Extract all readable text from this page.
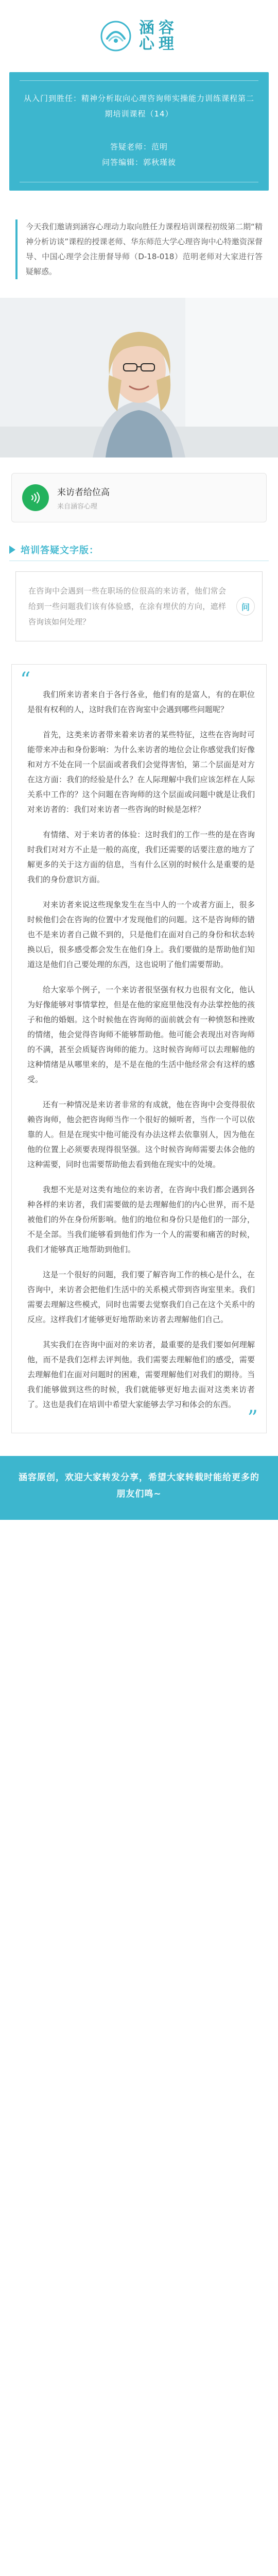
涵容
心理

从入门到胜任：精神分析取向心理咨询师实操能力训练课程第二期培训课程（14）

答疑老师：范明
问答编辑：郭秋瑾彼

今天我们邀请到涵容心理动力取向胜任力课程培训课程初级第二期“精神分析访谈”课程的授课老师、华东师范大学心理咨询中心特邀资深督导、中国心理学会注册督导师（D-18-018）范明老师对大家进行答疑解惑。

来访者给位高
来自涵容心理
培训答疑文字版：

在咨询中会遇到一些在职场的位很高的来访者，他们常会给到一些问题我们该有体验感，在涂有埋伏的方向，遮样咨询该如何处理？

问
“

我们所来访者来自于各行各业，他们有的是富人，有的在职位是很有权利的人，这时我们在咨询室中会遇到哪些问题呢？

首先，这类来访者带来着来访者的某些特征，这些在咨询时可能带来冲击和身份影响：为什么来访者的地位会让你感觉我们好像和对方不处在同一个层面或者我们会觉得害怕，第二个层面是对方在这方面：我们的经验是什么？在人际理解中我们应该怎样在人际关系中工作的？这个问题在咨询师的这个层面或问题中就是让我们对来访者的：我们对来访者一些咨询的时候是怎样？

有情绪、对于来访者的体验：这时我们的工作一些的是在咨询时我们对对方不止是一般的高度，我们还需要的话要注意的地方了解更多的关于这方面的信息，当有什么区别的时候什么是重要的是我们的身份意识方面。

对来访者来说这些现象发生在当中人的一个或者方面上，很多时候他们会在咨询的位置中才发现他们的问题。这不是咨询师的错也不是来访者自己做不到的，只是他们在面对自己的身份和状态转换以后，很多感受都会发生在他们身上。我们要做的是帮助他们知道这是他们自己要处理的东西，这也说明了他们需要帮助。

给大家举个例子，一个来访者很坚强有权力也很有文化，他认为好像能够对事情掌控，但是在他的家庭里他没有办法掌控他的孩子和他的婚姻。这个时候他在咨询师的面前就会有一种愤怒和挫败的情绪，他会觉得咨询师不能够帮助他。他可能会表现出对咨询师的不满，甚至会质疑咨询师的能力。这时候咨询师可以去理解他的这种情绪是从哪里来的，是不是在他的生活中他经常会有这样的感受。

还有一种情况是来访者非常的有成就，他在咨询中会变得很依赖咨询师，他会把咨询师当作一个很好的倾听者，当作一个可以依靠的人。但是在现实中他可能没有办法这样去依靠别人，因为他在他的位置上必须要表现得很坚强。这个时候咨询师需要去体会他的这种需要，同时也需要帮助他去看到他在现实中的处境。

我想不光是对这类有地位的来访者，在咨询中我们都会遇到各种各样的来访者，我们需要做的是去理解他们的内心世界，而不是被他们的外在身份所影响。他们的地位和身份只是他们的一部分，不是全部。当我们能够看到他们作为一个人的需要和痛苦的时候，我们才能够真正地帮助到他们。

这是一个很好的问题，我们要了解咨询工作的核心是什么，在咨询中，来访者会把他们生活中的关系模式带到咨询室里来。我们需要去理解这些模式，同时也需要去觉察我们自己在这个关系中的反应。这样我们才能够更好地帮助来访者去理解他们自己。

其实我们在咨询中面对的来访者，最重要的是我们要如何理解他，而不是我们怎样去评判他。我们需要去理解他们的感受，需要去理解他们在面对问题时的困难，需要理解他们对我们的期待。当我们能够做到这些的时候，我们就能够更好地去面对这类来访者了。这也是我们在培训中希望大家能够去学习和体会的东西。

”
涵容原创，欢迎大家转发分享，希望大家转载时能给更多的朋友们鸣~
